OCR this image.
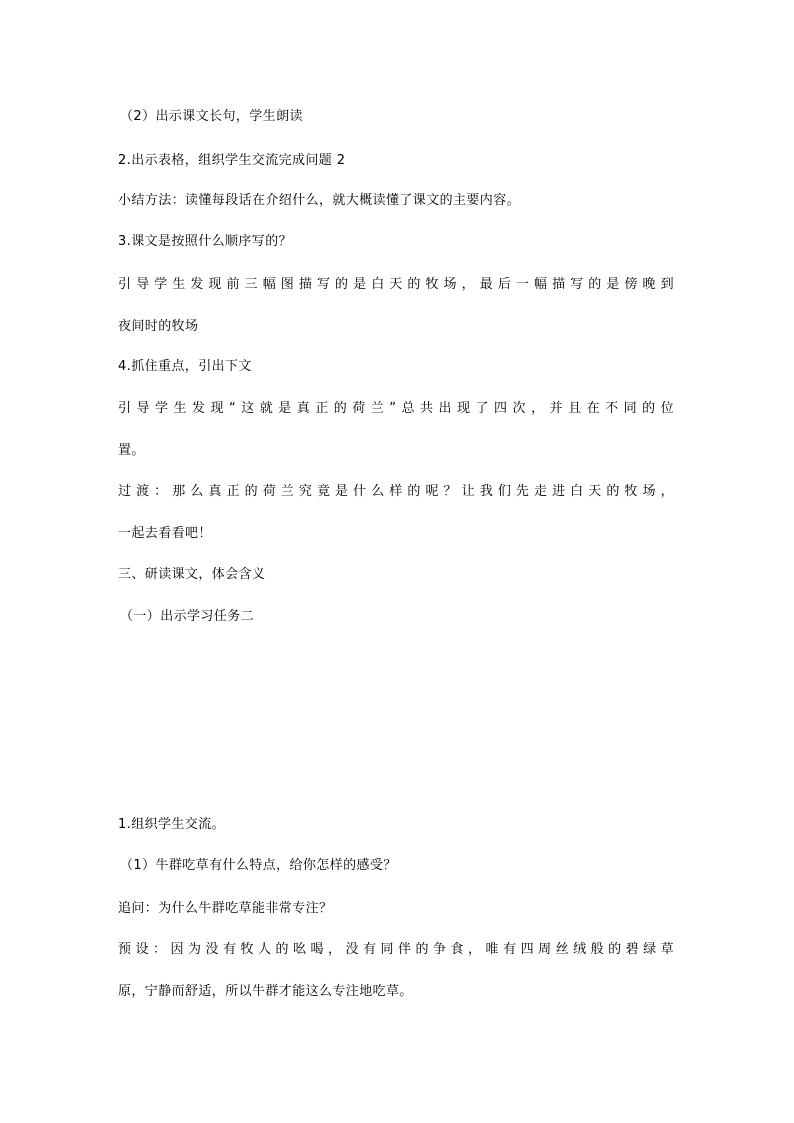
（2）出示课文长句，学生朗读
2.出示表格，组织学生交流完成问题 2
小结方法：读懂每段话在介绍什么，就大概读懂了课文的主要内容。
3.课文是按照什么顺序写的？
引导学生发现前三幅图描写的是白天的牧场，最后一幅描写的是傍晚到
夜间时的牧场
4.抓住重点，引出下文
引导学生发现“这就是真正的荷兰”总共出现了四次，并且在不同的位
置。
过渡：那么真正的荷兰究竟是什么样的呢？让我们先走进白天的牧场，
一起去看看吧！
三、研读课文，体会含义
（一）出示学习任务二
1.组织学生交流。
（1）牛群吃草有什么特点，给你怎样的感受？
追问：为什么牛群吃草能非常专注？
预设：因为没有牧人的吆喝，没有同伴的争食，唯有四周丝绒般的碧绿草
原，宁静而舒适，所以牛群才能这么专注地吃草。
